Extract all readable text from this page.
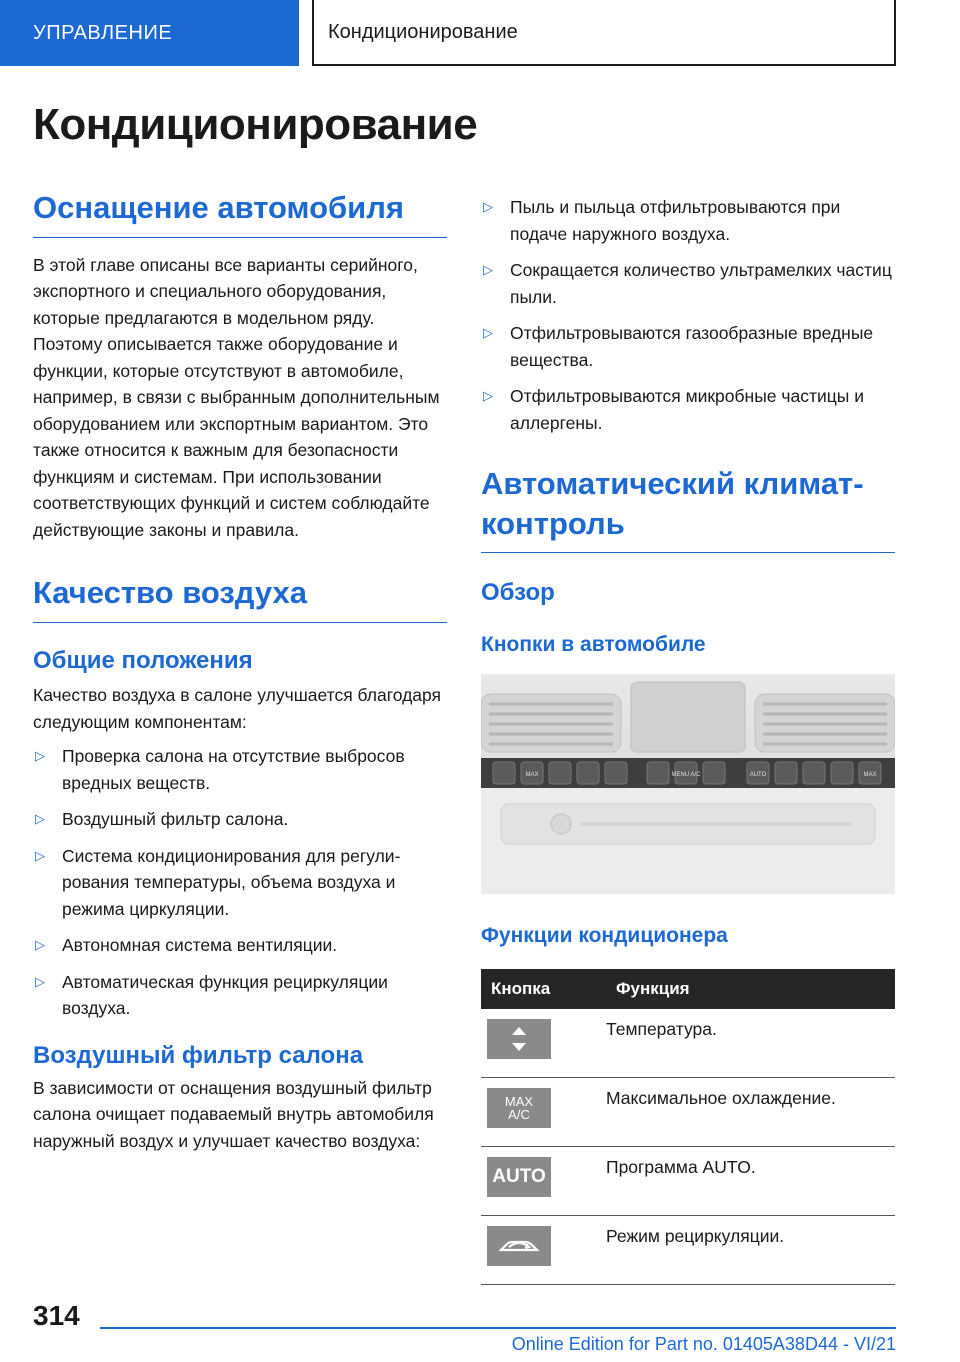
УПРАВЛЕНИЕ	Кондиционирование
Кондиционирование
Оснащение автомобиля

В этой главе описаны все варианты серийного, экспортного и специального оборудования, которые предлагаются в модельном ряду. Поэтому описывается также оборудование и функции, которые отсутствуют в автомобиле, например, в связи с выбранным дополнительным оборудованием или экспортным вариантом. Это также относится к важным для безопасности функциям и системам. При использовании соответствующих функций и систем соблюдайте действующие законы и правила.

Качество воздуха
Общие положения

Качество воздуха в салоне улучшается благодаря следующим компонентам:

▷ Проверка салона на отсутствие выбросов вредных веществ.
▷ Воздушный фильтр салона.
▷ Система кондиционирования для регулирования температуры, объема воздуха и режима циркуляции.
▷ Автономная система вентиляции.
▷ Автоматическая функция рециркуляции воздуха.
Воздушный фильтр салона

В зависимости от оснащения воздушный фильтр салона очищает подаваемый внутрь автомобиля наружный воздух и улучшает качество воздуха:

▷ Пыль и пыльца отфильтровываются при подаче наружного воздуха.
▷ Сокращается количество ультрамелких частиц пыли.
▷ Отфильтровываются газообразные вредные вещества.
▷ Отфильтровываются микробные частицы и аллергены.
Автоматический климат-контроль
Обзор
Кнопки в автомобиле
MAX	MENU A/C	AUTO	MAX
Функции кондиционера
Кнопка	Функция

	Температура.

MAX A/C	Максимальное охлаждение.

AUTO	Программа AUTO.

	Режим рециркуляции.
314
Online Edition for Part no. 01405A38D44 - VI/21
